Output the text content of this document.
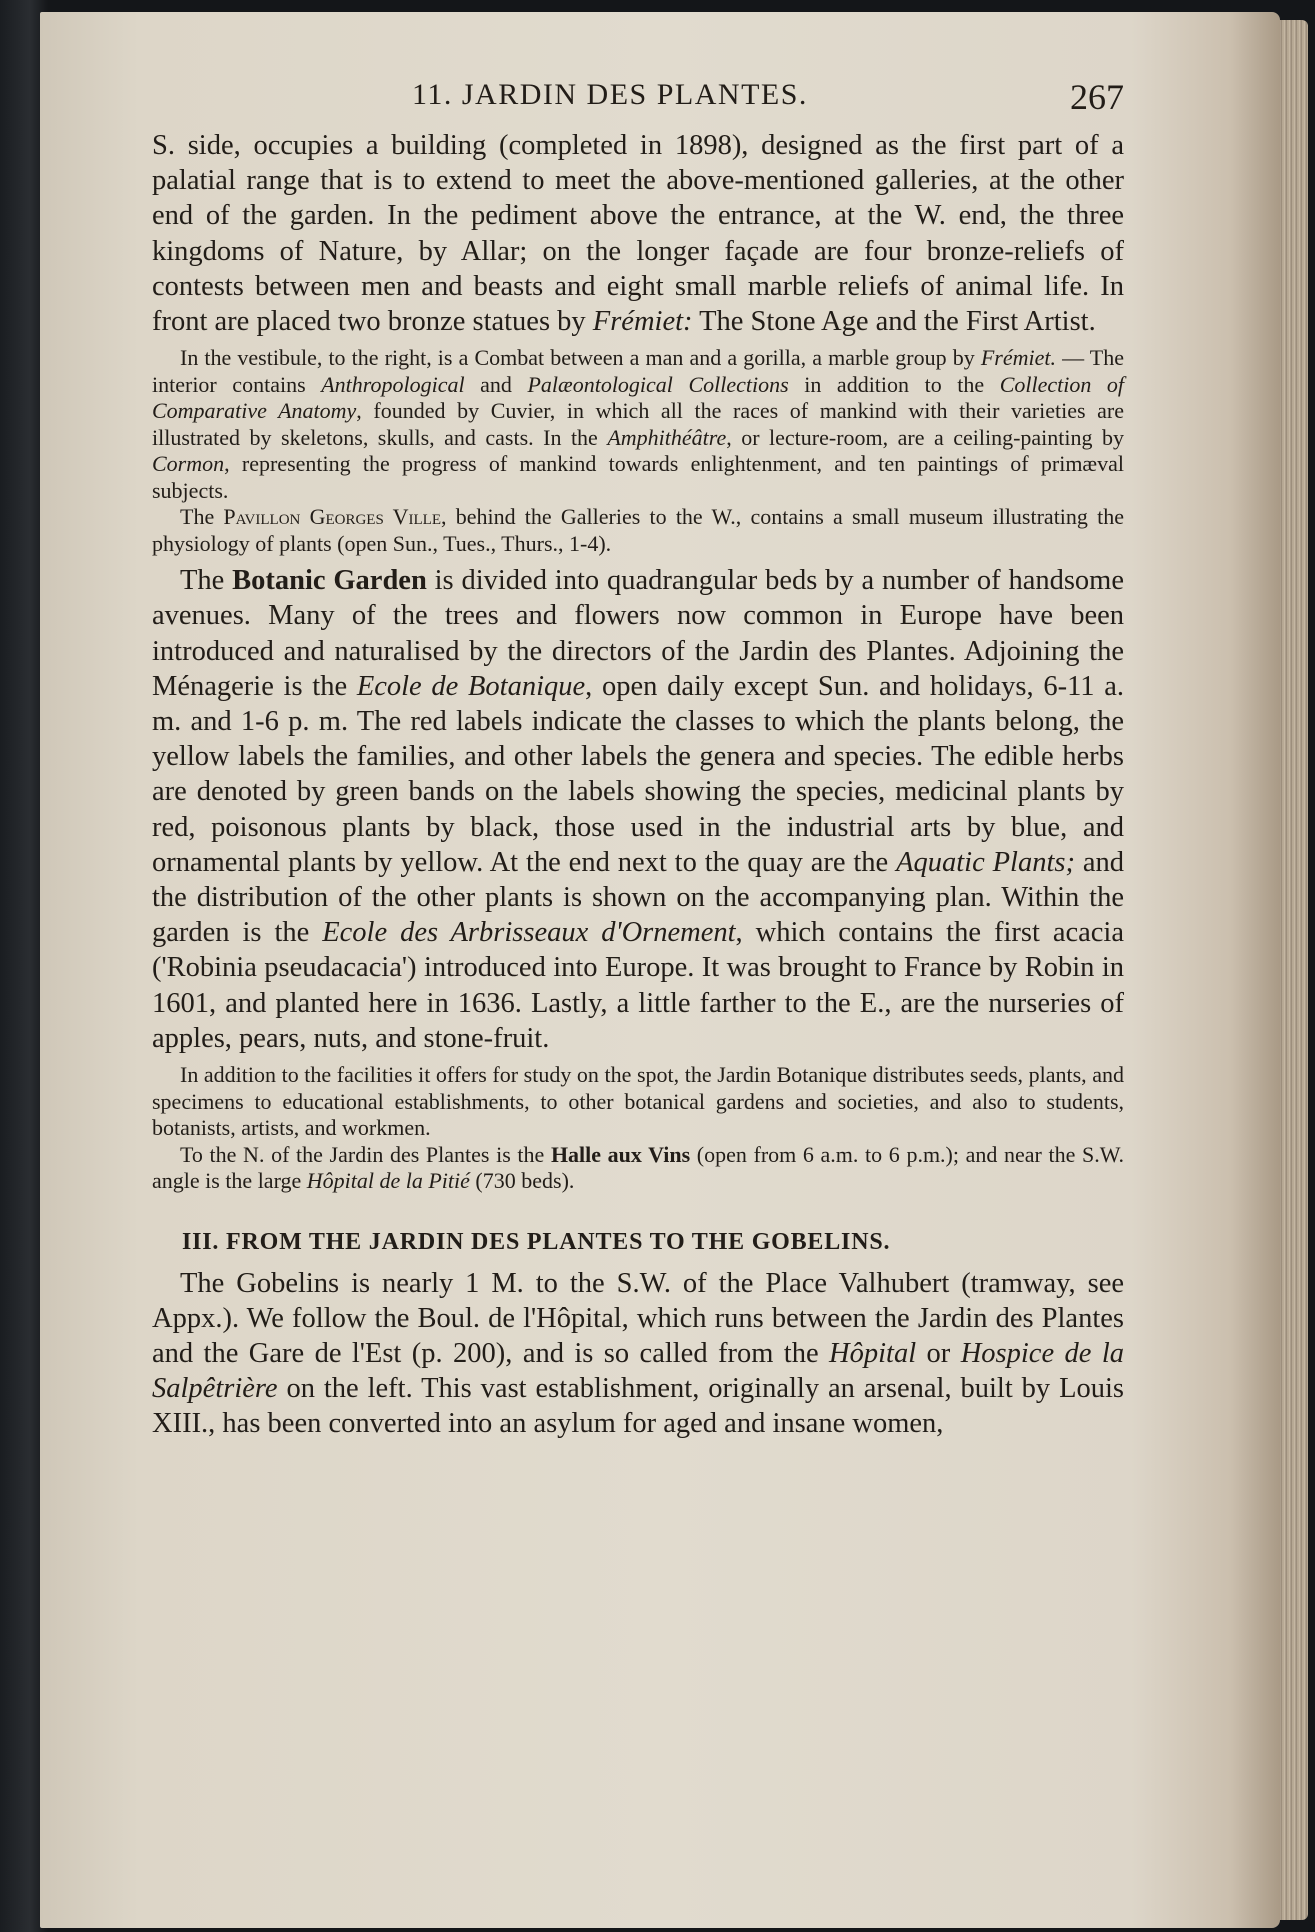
11. JARDIN DES PLANTES.	267

S. side, occupies a building (completed in 1898), designed as the first part of a palatial range that is to extend to meet the above-mentioned galleries, at the other end of the garden. In the pediment above the entrance, at the W. end, the three kingdoms of Nature, by Allar; on the longer façade are four bronze-reliefs of contests between men and beasts and eight small marble reliefs of animal life. In front are placed two bronze statues by Frémiet: The Stone Age and the First Artist.

In the vestibule, to the right, is a Combat between a man and a gorilla, a marble group by Frémiet. — The interior contains Anthropological and Palæontological Collections in addition to the Collection of Comparative Anatomy, founded by Cuvier, in which all the races of mankind with their varieties are illustrated by skeletons, skulls, and casts. In the Amphithéâtre, or lecture-room, are a ceiling-painting by Cormon, representing the progress of mankind towards enlightenment, and ten paintings of primæval subjects.

The Pavillon Georges Ville, behind the Galleries to the W., contains a small museum illustrating the physiology of plants (open Sun., Tues., Thurs., 1-4).

The Botanic Garden is divided into quadrangular beds by a number of handsome avenues. Many of the trees and flowers now common in Europe have been introduced and naturalised by the directors of the Jardin des Plantes. Adjoining the Ménagerie is the Ecole de Botanique, open daily except Sun. and holidays, 6-11 a. m. and 1-6 p. m. The red labels indicate the classes to which the plants belong, the yellow labels the families, and other labels the genera and species. The edible herbs are denoted by green bands on the labels showing the species, medicinal plants by red, poisonous plants by black, those used in the industrial arts by blue, and ornamental plants by yellow. At the end next to the quay are the Aquatic Plants; and the distribution of the other plants is shown on the accompanying plan. Within the garden is the Ecole des Arbrisseaux d'Ornement, which contains the first acacia ('Robinia pseudacacia') introduced into Europe. It was brought to France by Robin in 1601, and planted here in 1636. Lastly, a little farther to the E., are the nurseries of apples, pears, nuts, and stone-fruit.

In addition to the facilities it offers for study on the spot, the Jardin Botanique distributes seeds, plants, and specimens to educational establishments, to other botanical gardens and societies, and also to students, botanists, artists, and workmen.

To the N. of the Jardin des Plantes is the Halle aux Vins (open from 6 a.m. to 6 p.m.); and near the S.W. angle is the large Hôpital de la Pitié (730 beds).

III. FROM THE JARDIN DES PLANTES TO THE GOBELINS.

The Gobelins is nearly 1 M. to the S.W. of the Place Valhubert (tramway, see Appx.). We follow the Boul. de l'Hôpital, which runs between the Jardin des Plantes and the Gare de l'Est (p. 200), and is so called from the Hôpital or Hospice de la Salpêtrière on the left. This vast establishment, originally an arsenal, built by Louis XIII., has been converted into an asylum for aged and insane women,
